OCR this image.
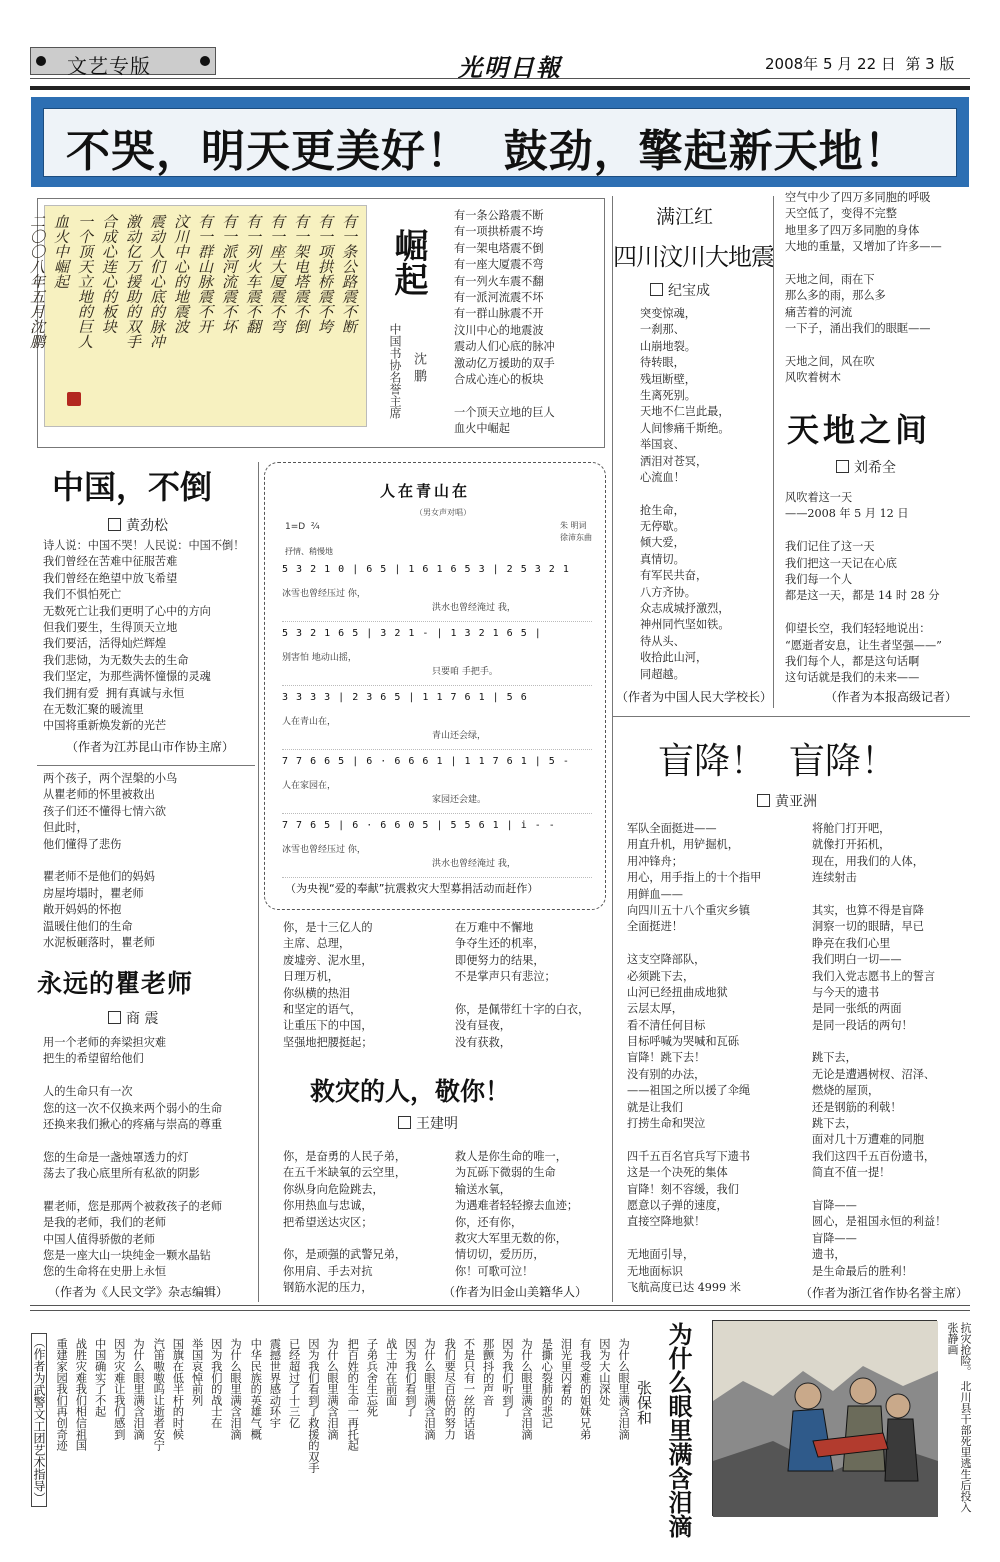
文艺专版	光明日報	2008年 5 月 22 日  第 3 版
不哭，明天更美好！  鼓劲，擎起新天地！
有一条公路震不断
有一项拱桥震不垮
有一架电塔震不倒
有一座大厦震不弯
有一列火车震不翻
有一派河流震不坏
有一群山脉震不开
汶川中心的地震波
震动人们心底的脉冲
激动亿万援助的双手
合成心连心的板块
一个顶天立地的巨人
血火中崛起
二〇〇八年五月沈鹏	崛起
中国书协名誉主席 沈 鹏
有一条公路震不断
有一项拱桥震不垮
有一架电塔震不倒
有一座大厦震不弯
有一列火车震不翻
有一派河流震不坏
有一群山脉震不开
汶川中心的地震波
震动人们心底的脉冲
激动亿万援助的双手
合成心连心的板块
一个顶天立地的巨人
血火中崛起
满江红
四川汶川大地震
纪宝成
突变惊魂，
一刹那、
山崩地裂。
待转眼，
残垣断壁，
生离死别。
天地不仁岂此最，
人间惨痛千斯绝。
举国哀、
洒泪对苍冥，
心流血！
抢生命，
无停歇。
倾大爱，
真情切。
有军民共奋，
八方齐协。
众志成城抒激烈，
神州同忾坚如铁。
待从头、
收拾此山河，
同超越。
（作者为中国人民大学校长）
空气中少了四万多同胞的呼吸
天空低了，变得不完整
地里多了四万多同胞的身体
大地的重量，又增加了许多——
天地之间，雨在下
那么多的雨，那么多
痛苦着的河流
一下子，涌出我们的眼眶——
天地之间，风在吹
风吹着树木
天地之间
刘希全
风吹着这一天
——2008 年 5 月 12 日
我们记住了这一天
我们把这一天记在心底
我们每一个人
都是这一天，都是 14 时 28 分
仰望长空，我们轻轻地说出：
“愿逝者安息，让生者坚强——”
我们每个人，都是这句话啊
这句话就是我们的未来——
（作者为本报高级记者）
中国，不倒
黄劲松
诗人说：中国不哭！人民说：中国不倒！
我们曾经在苦难中征服苦难
我们曾经在绝望中放飞希望
我们不惧怕死亡
无数死亡让我们更明了心中的方向
但我们要生，生得顶天立地
我们要活，活得灿烂辉煌
我们悲恸，为无数失去的生命
我们坚定，为那些满怀憧憬的灵魂
我们拥有爱  拥有真诚与永恒
在无数汇聚的暖流里
中国将重新焕发新的光芒
（作者为江苏昆山市作协主席）
人在青山在
（男女声对唱）
朱 明词
徐沛东曲
1=D  ²⁄₄
抒情、稍慢地
5 3 2 1 0 | 6 5 | 1 6 1 6 5 3 | 2 5 3 2 1
冰雪也曾经压过 你，
洪水也曾经淹过 我，
5 3 2 1 6 5 | 3 2 1 - | 1 3 2 1 6 5 |
别害怕 地动山摇，
只要咱 手把手。
3 3 3 3 | 2 3 6 5 | 1 1 7 6 1 | 5 6
人在青山在，
青山还会绿，
7 7 6 6 5 | 6 · 6 6 6 1 | 1 1 7 6 1 | 5 -
人在家园在，
家园还会建。
7 7 6 5 | 6 · 6 6 0 5 | 5 5 6 1 | i - -
冰雪也曾经压过 你，
洪水也曾经淹过 我，
（为央视“爱的奉献”抗震救灾大型募捐活动而赶作）
两个孩子，两个涅槃的小鸟
从瞿老师的怀里被救出
孩子们还不懂得七情六欲
但此时，
他们懂得了悲伤
瞿老师不是他们的妈妈
房屋垮塌时，瞿老师
敞开妈妈的怀抱
温暖住他们的生命
水泥板砸落时，瞿老师
永远的瞿老师
商 震
用一个老师的奔梁担灾难
把生的希望留给他们
人的生命只有一次
您的这一次不仅换来两个弱小的生命
还换来我们揪心的疼痛与崇高的尊重
您的生命是一盏烛罩透力的灯
荡去了我心底里所有私欲的阴影
瞿老师，您是那两个被救孩子的老师
是我的老师，我们的老师
中国人值得骄傲的老师
您是一座大山一块纯金一颗水晶钻
您的生命将在史册上永恒
（作者为《人民文学》杂志编辑）
你，是十三亿人的
主席、总理，
废墟旁、泥水里，
日理万机，
你纵横的热泪
和坚定的语气，
让重压下的中国，
坚强地把腰挺起；
在万难中不懈地
争夺生还的机率，
即便努力的结果，
不是掌声只有悲泣；
你，是佩带红十字的白衣，
没有昼夜，
没有获救，
救灾的人，敬你！
王建明
你，是奋勇的人民子弟，
在五千米缺氧的云空里，
你纵身向危险跳去，
你用热血与忠诚，
把希望送达灾区；
你，是顽强的武警兄弟，
你用肩、手去对抗
钢筋水泥的压力，
救人是你生命的唯一，
为瓦砾下微弱的生命
输送水氧，
为遇难者轻轻擦去血迹；
你，还有你，
救灾大军里无数的你，
情切切，爱历历，
你！可歌可泣！
（作者为旧金山美籍华人）
盲降！  盲降！
黄亚洲
军队全面挺进——
用直升机，用铲掘机，
用冲锋舟；
用心，用手指上的十个指甲
用鲜血——
向四川五十八个重灾乡镇
全面挺进！
这支空降部队，
必须跳下去，
山河已经扭曲成地狱
云层太厚，
看不清任何目标
目标呼喊为哭喊和瓦砾
盲降！跳下去！
没有别的办法，
——祖国之所以援了伞绳
就是让我们
打捞生命和哭泣
四千五百名官兵写下遗书
这是一个决死的集体
盲降！刻不容缓，我们
愿意以子弹的速度，
直接空降地狱！
无地面引导，
无地面标识
飞航高度已达 4999 米
将舱门打开吧，
就像打开拓机，
现在，用我们的人体，
连续射击
其实，也算不得是盲降
洞察一切的眼睛，早已
睁亮在我们心里
我们明白一切——
我们入党志愿书上的誓言
与今天的遗书
是同一张纸的两面
是同一段话的两句！
跳下去，
无论是遭遇树杈、沼泽、
燃烧的屋顶，
还是钢筋的利戟！
跳下去，
面对几十万遭难的同胞
我们这四千五百份遗书，
简直不值一提！
盲降——
圆心，是祖国永恒的利益！
盲降——
遗书，
是生命最后的胜利！
（作者为浙江省作协名誉主席）
（作者为武警文工团艺术指导）	为什么眼里满含泪滴
因为大山深处
有我受难的姐妹兄弟
泪光里闪着的
是撕心裂肺的悲记
为什么眼里满含泪滴
因为我们听到了
那颤抖的声音
不是只有一丝的话语
我们要尽百倍的努力
为什么眼里满含泪滴
因为我们看到了
战士冲在前面
子弟兵舍生忘死
把百姓的生命一再托起
为什么眼里满含泪滴
因为我们看到了救援的双手
已经超过了十三亿
震撼世界感动环宇
中华民族的英雄气概
为什么眼里满含泪滴
因为我们的战士在
举国哀悼前列
国旗在低半杆的时候
汽笛嗷嗷呜让逝者安宁
为什么眼里满含泪滴
因为灾难让我们感到
中国确实了不起
战胜灾难我们相信祖国
重建家园我们再创奇迹	为什么眼里满含泪滴
张保和	抗灾抢险。 北川县干部死里逃生后投入 张静画
